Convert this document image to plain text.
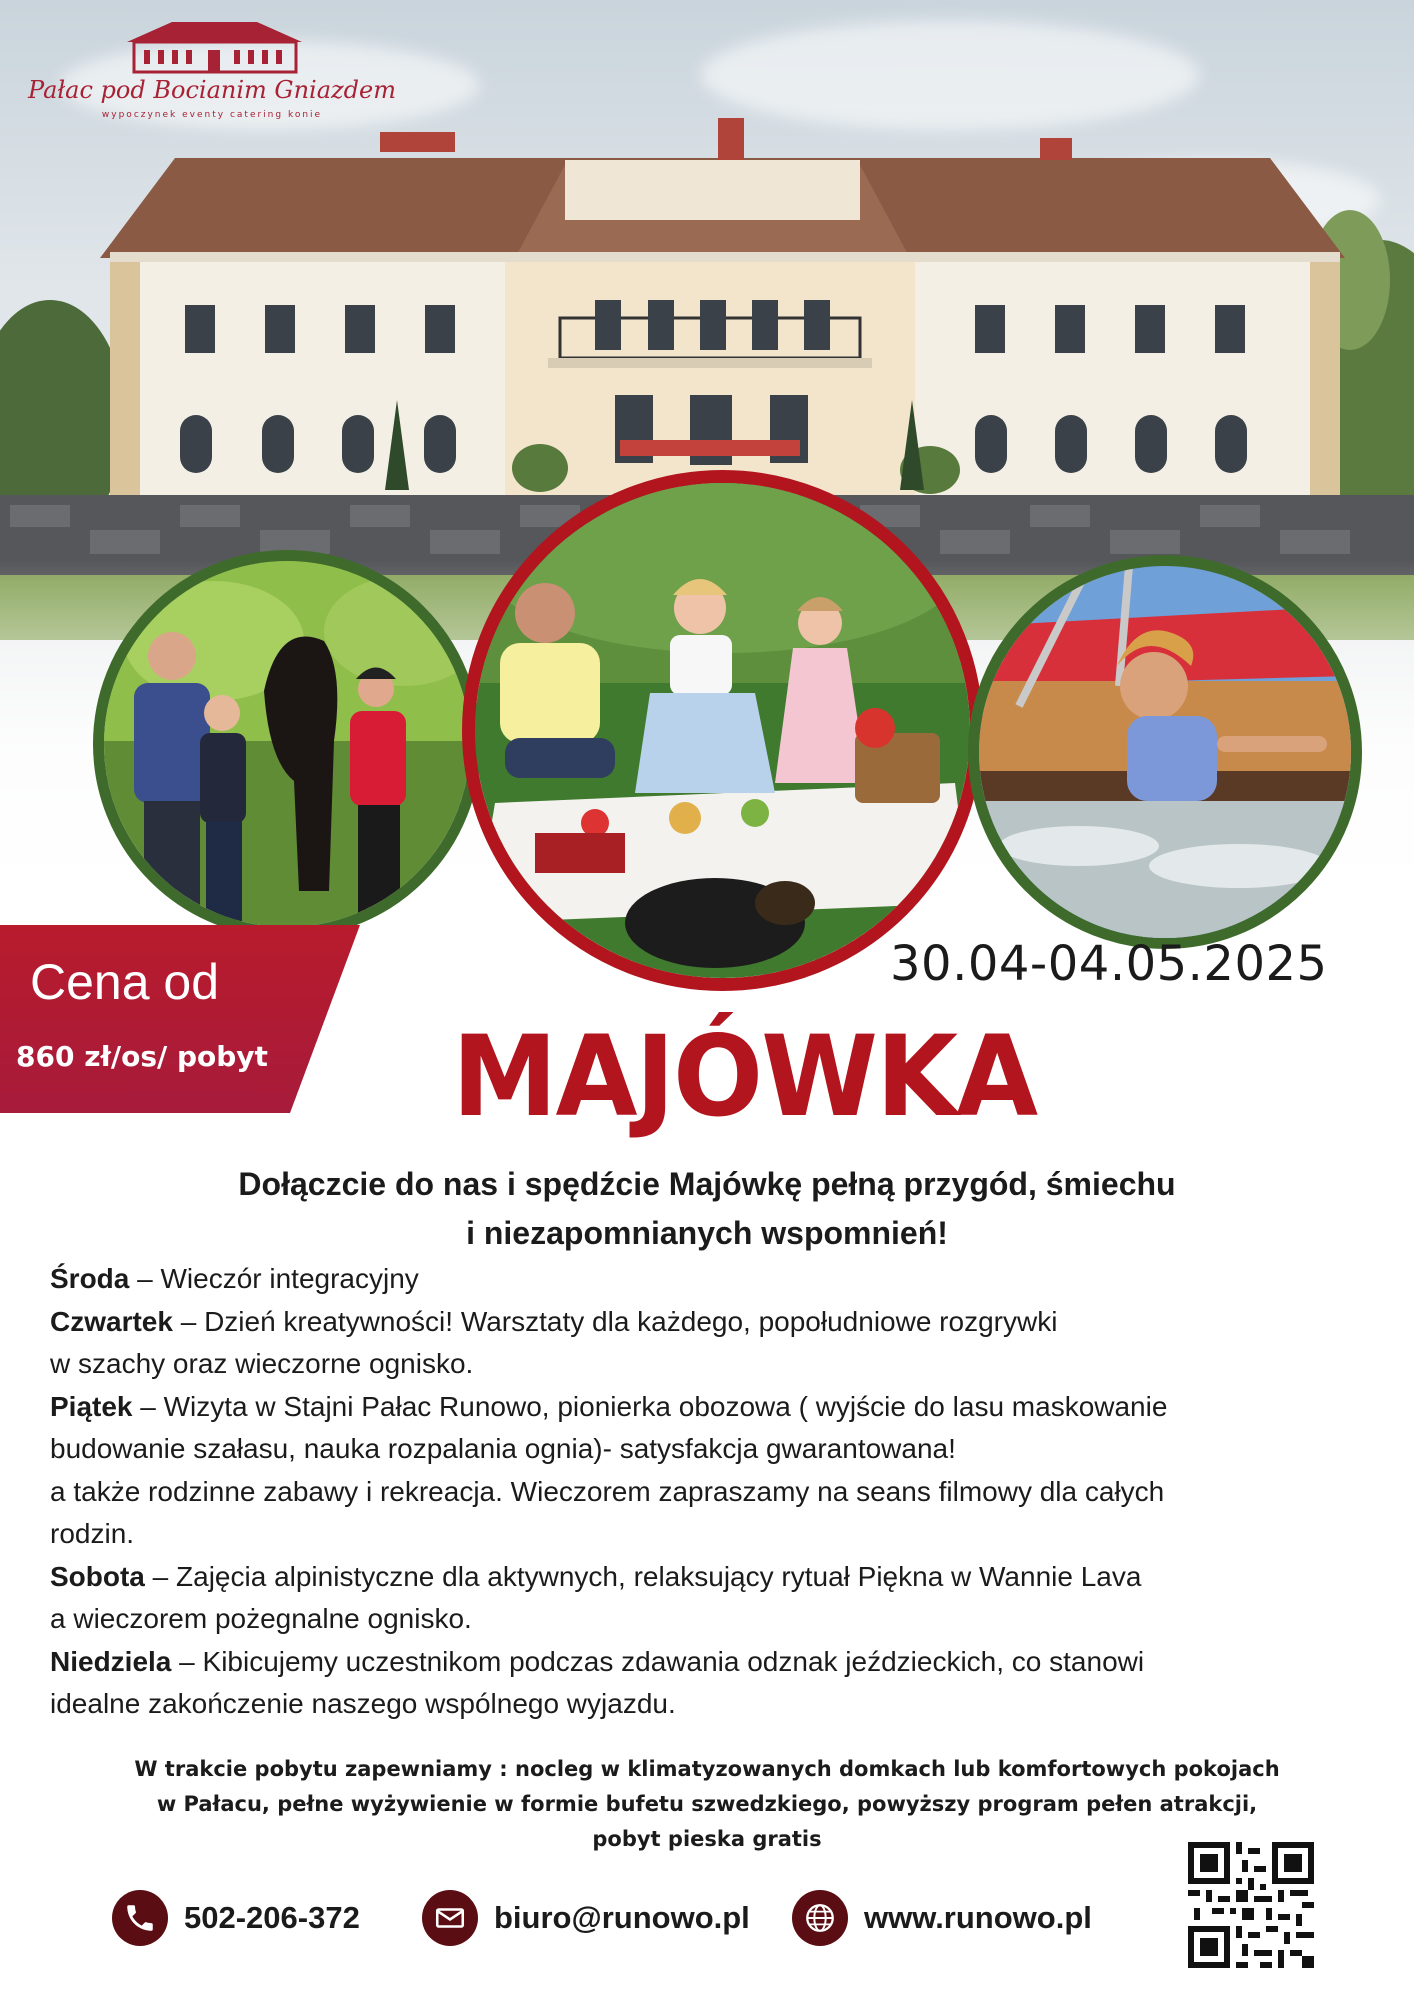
Pałac pod Bocianim Gniazdem
wypoczynek eventy catering konie
Cena od
860 zł/os/ pobyt
30.04-04.05.2025
MAJÓWKA
Dołączcie do nas i spędźcie Majówkę pełną przygód, śmiechu
i niezapomnianych wspomnień!

Środa – Wieczór integracyjny

Czwartek – Dzień kreatywności! Warsztaty dla każdego, popołudniowe rozgrywki

w szachy oraz wieczorne ognisko.

Piątek – Wizyta w Stajni Pałac Runowo, pionierka obozowa ( wyjście do lasu maskowanie

budowanie szałasu, nauka rozpalania ognia)- satysfakcja gwarantowana!

a także rodzinne zabawy i rekreacja. Wieczorem zapraszamy na seans filmowy dla całych

rodzin.

Sobota – Zajęcia alpinistyczne dla aktywnych, relaksujący rytuał Piękna w Wannie Lava

a wieczorem pożegnalne ognisko.

Niedziela – Kibicujemy uczestnikom podczas zdawania odznak jeździeckich, co stanowi

idealne zakończenie naszego wspólnego wyjazdu.

W trakcie pobytu zapewniamy : nocleg w klimatyzowanych domkach lub komfortowych pokojach
w Pałacu, pełne wyżywienie w formie bufetu szwedzkiego, powyższy program pełen atrakcji,
pobyt pieska gratis
502-206-372	biuro@runowo.pl	www.runowo.pl
